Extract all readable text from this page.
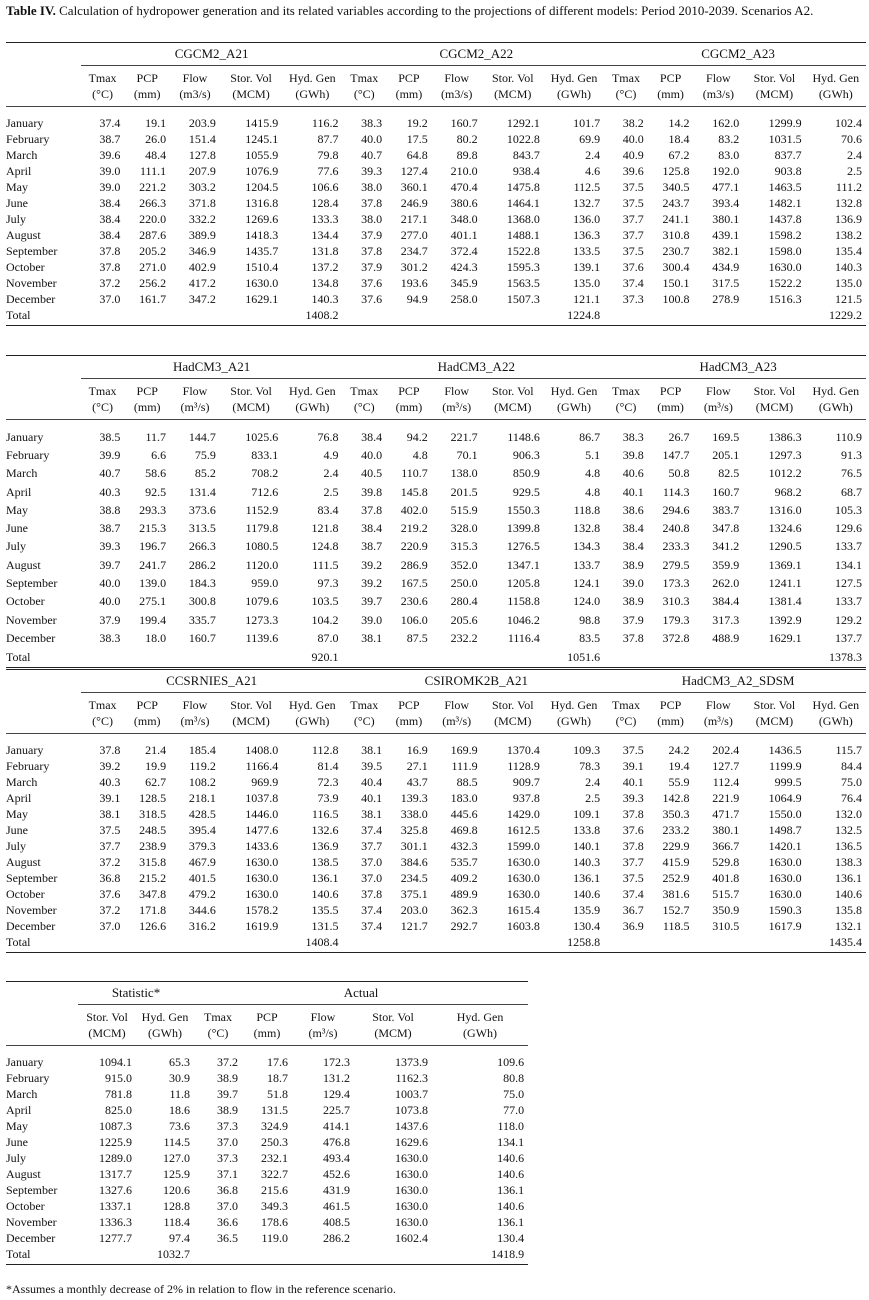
Table IV. Calculation of hydropower generation and its related variables according to the projections of different models: Period 2010-2039. Scenarios A2.
	CGCM2_A21					CGCM2_A22					CGCM2_A23				
	Tmax	PCP	Flow	Stor. Vol	Hyd. Gen	Tmax	PCP	Flow	Stor. Vol	Hyd. Gen	Tmax	PCP	Flow	Stor. Vol	Hyd. Gen
	(°C)	(mm)	(m3/s)	(MCM)	(GWh)	(°C)	(mm)	(m3/s)	(MCM)	(GWh)	(°C)	(mm)	(m3/s)	(MCM)	(GWh)

January	37.4	19.1	203.9	1415.9	116.2	38.3	19.2	160.7	1292.1	101.7	38.2	14.2	162.0	1299.9	102.4
February	38.7	26.0	151.4	1245.1	87.7	40.0	17.5	80.2	1022.8	69.9	40.0	18.4	83.2	1031.5	70.6
March	39.6	48.4	127.8	1055.9	79.8	40.7	64.8	89.8	843.7	2.4	40.9	67.2	83.0	837.7	2.4
April	39.0	111.1	207.9	1076.9	77.6	39.3	127.4	210.0	938.4	4.6	39.6	125.8	192.0	903.8	2.5
May	39.0	221.2	303.2	1204.5	106.6	38.0	360.1	470.4	1475.8	112.5	37.5	340.5	477.1	1463.5	111.2
June	38.4	266.3	371.8	1316.8	128.4	37.8	246.9	380.6	1464.1	132.7	37.5	243.7	393.4	1482.1	132.8
July	38.4	220.0	332.2	1269.6	133.3	38.0	217.1	348.0	1368.0	136.0	37.7	241.1	380.1	1437.8	136.9
August	38.4	287.6	389.9	1418.3	134.4	37.9	277.0	401.1	1488.1	136.3	37.7	310.8	439.1	1598.2	138.2
September	37.8	205.2	346.9	1435.7	131.8	37.8	234.7	372.4	1522.8	133.5	37.5	230.7	382.1	1598.0	135.4
October	37.8	271.0	402.9	1510.4	137.2	37.9	301.2	424.3	1595.3	139.1	37.6	300.4	434.9	1630.0	140.3
November	37.2	256.2	417.2	1630.0	134.8	37.6	193.6	345.9	1563.5	135.0	37.4	150.1	317.5	1522.2	135.0
December	37.0	161.7	347.2	1629.1	140.3	37.6	94.9	258.0	1507.3	121.1	37.3	100.8	278.9	1516.3	121.5
Total					1408.2					1224.8					1229.2
	HadCM3_A21					HadCM3_A22					HadCM3_A23				
	Tmax	PCP	Flow	Stor. Vol	Hyd. Gen	Tmax	PCP	Flow	Stor. Vol	Hyd. Gen	Tmax	PCP	Flow	Stor. Vol	Hyd. Gen
	(°C)	(mm)	(m³/s)	(MCM)	(GWh)	(°C)	(mm)	(m³/s)	(MCM)	(GWh)	(°C)	(mm)	(m³/s)	(MCM)	(GWh)

January	38.5	11.7	144.7	1025.6	76.8	38.4	94.2	221.7	1148.6	86.7	38.3	26.7	169.5	1386.3	110.9
February	39.9	6.6	75.9	833.1	4.9	40.0	4.8	70.1	906.3	5.1	39.8	147.7	205.1	1297.3	91.3
March	40.7	58.6	85.2	708.2	2.4	40.5	110.7	138.0	850.9	4.8	40.6	50.8	82.5	1012.2	76.5
April	40.3	92.5	131.4	712.6	2.5	39.8	145.8	201.5	929.5	4.8	40.1	114.3	160.7	968.2	68.7
May	38.8	293.3	373.6	1152.9	83.4	37.8	402.0	515.9	1550.3	118.8	38.6	294.6	383.7	1316.0	105.3
June	38.7	215.3	313.5	1179.8	121.8	38.4	219.2	328.0	1399.8	132.8	38.4	240.8	347.8	1324.6	129.6
July	39.3	196.7	266.3	1080.5	124.8	38.7	220.9	315.3	1276.5	134.3	38.4	233.3	341.2	1290.5	133.7
August	39.7	241.7	286.2	1120.0	111.5	39.2	286.9	352.0	1347.1	133.7	38.9	279.5	359.9	1369.1	134.1
September	40.0	139.0	184.3	959.0	97.3	39.2	167.5	250.0	1205.8	124.1	39.0	173.3	262.0	1241.1	127.5
October	40.0	275.1	300.8	1079.6	103.5	39.7	230.6	280.4	1158.8	124.0	38.9	310.3	384.4	1381.4	133.7
November	37.9	199.4	335.7	1273.3	104.2	39.0	106.0	205.6	1046.2	98.8	37.9	179.3	317.3	1392.9	129.2
December	38.3	18.0	160.7	1139.6	87.0	38.1	87.5	232.2	1116.4	83.5	37.8	372.8	488.9	1629.1	137.7
Total					920.1					1051.6					1378.3
	CCSRNIES_A21					CSIROMK2B_A21					HadCM3_A2_SDSM				
	Tmax	PCP	Flow	Stor. Vol	Hyd. Gen	Tmax	PCP	Flow	Stor. Vol	Hyd. Gen	Tmax	PCP	Flow	Stor. Vol	Hyd. Gen
	(°C)	(mm)	(m³/s)	(MCM)	(GWh)	(°C)	(mm)	(m³/s)	(MCM)	(GWh)	(°C)	(mm)	(m³/s)	(MCM)	(GWh)

January	37.8	21.4	185.4	1408.0	112.8	38.1	16.9	169.9	1370.4	109.3	37.5	24.2	202.4	1436.5	115.7
February	39.2	19.9	119.2	1166.4	81.4	39.5	27.1	111.9	1128.9	78.3	39.1	19.4	127.7	1199.9	84.4
March	40.3	62.7	108.2	969.9	72.3	40.4	43.7	88.5	909.7	2.4	40.1	55.9	112.4	999.5	75.0
April	39.1	128.5	218.1	1037.8	73.9	40.1	139.3	183.0	937.8	2.5	39.3	142.8	221.9	1064.9	76.4
May	38.1	318.5	428.5	1446.0	116.5	38.1	338.0	445.6	1429.0	109.1	37.8	350.3	471.7	1550.0	132.0
June	37.5	248.5	395.4	1477.6	132.6	37.4	325.8	469.8	1612.5	133.8	37.6	233.2	380.1	1498.7	132.5
July	37.7	238.9	379.3	1433.6	136.9	37.7	301.1	432.3	1599.0	140.1	37.8	229.9	366.7	1420.1	136.5
August	37.2	315.8	467.9	1630.0	138.5	37.0	384.6	535.7	1630.0	140.3	37.7	415.9	529.8	1630.0	138.3
September	36.8	215.2	401.5	1630.0	136.1	37.0	234.5	409.2	1630.0	136.1	37.5	252.9	401.8	1630.0	136.1
October	37.6	347.8	479.2	1630.0	140.6	37.8	375.1	489.9	1630.0	140.6	37.4	381.6	515.7	1630.0	140.6
November	37.2	171.8	344.6	1578.2	135.5	37.4	203.0	362.3	1615.4	135.9	36.7	152.7	350.9	1590.3	135.8
December	37.0	126.6	316.2	1619.9	131.5	37.4	121.7	292.7	1603.8	130.4	36.9	118.5	310.5	1617.9	132.1
Total					1408.4					1258.8					1435.4
	Statistic*		Actual				
	Stor. Vol	Hyd. Gen	Tmax	PCP	Flow	Stor. Vol	Hyd. Gen
	(MCM)	(GWh)	(°C)	(mm)	(m³/s)	(MCM)	(GWh)

January	1094.1	65.3	37.2	17.6	172.3	1373.9	109.6
February	915.0	30.9	38.9	18.7	131.2	1162.3	80.8
March	781.8	11.8	39.7	51.8	129.4	1003.7	75.0
April	825.0	18.6	38.9	131.5	225.7	1073.8	77.0
May	1087.3	73.6	37.3	324.9	414.1	1437.6	118.0
June	1225.9	114.5	37.0	250.3	476.8	1629.6	134.1
July	1289.0	127.0	37.3	232.1	493.4	1630.0	140.6
August	1317.7	125.9	37.1	322.7	452.6	1630.0	140.6
September	1327.6	120.6	36.8	215.6	431.9	1630.0	136.1
October	1337.1	128.8	37.0	349.3	461.5	1630.0	140.6
November	1336.3	118.4	36.6	178.6	408.5	1630.0	136.1
December	1277.7	97.4	36.5	119.0	286.2	1602.4	130.4
Total		1032.7					1418.9
*Assumes a monthly decrease of 2% in relation to flow in the reference scenario.
